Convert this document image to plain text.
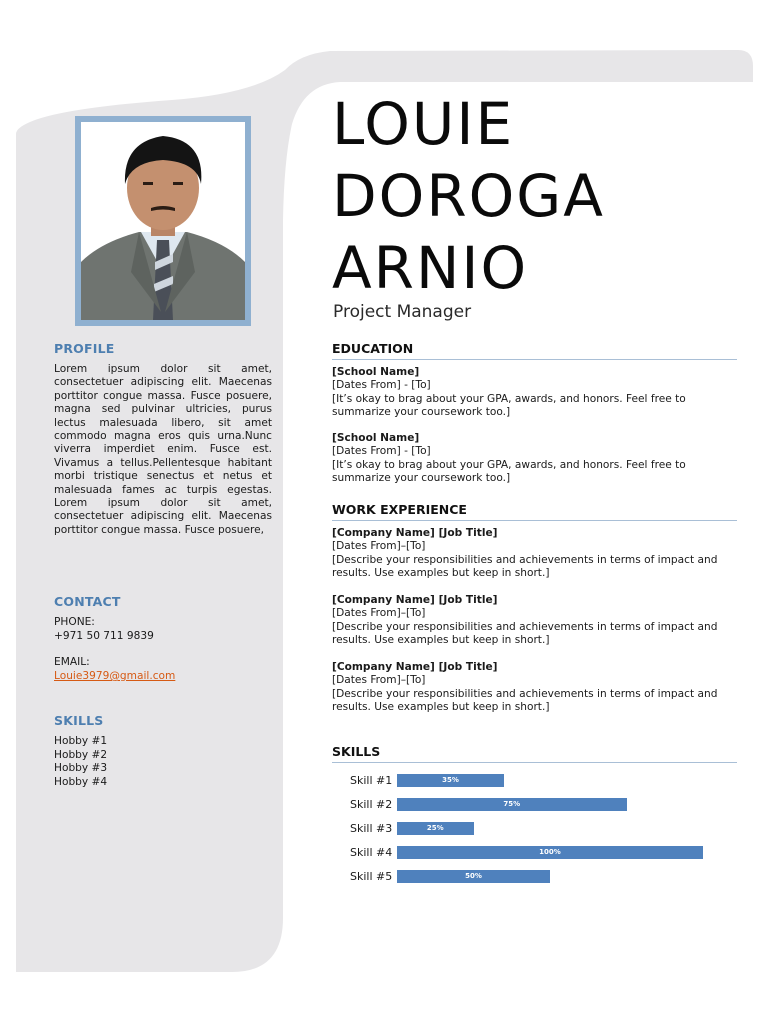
PROFILE

Lorem ipsum dolor sit amet, consectetuer adipiscing elit. Maecenas porttitor congue massa. Fusce posuere, magna sed pulvinar ultricies, purus lectus malesuada libero, sit amet commodo magna eros quis urna.Nunc viverra imperdiet enim. Fusce est. Vivamus a tellus.Pellentesque habitant morbi tristique senectus et netus et malesuada fames ac turpis egestas. Lorem ipsum dolor sit amet, consectetuer adipiscing elit. Maecenas porttitor congue massa. Fusce posuere,

CONTACT

PHONE:

+971 50 711 9839

EMAIL:

Louie3979@gmail.com

SKILLS
Hobby #1
Hobby #2
Hobby #3
Hobby #4
LOUIE
DOROGA
ARNIO
Project Manager
EDUCATION
[School Name]
[Dates From] - [To]
[It’s okay to brag about your GPA, awards, and honors. Feel free to summarize your coursework too.]
[School Name]
[Dates From] - [To]
[It’s okay to brag about your GPA, awards, and honors. Feel free to summarize your coursework too.]
WORK EXPERIENCE
[Company Name] [Job Title]
[Dates From]–[To]
[Describe your responsibilities and achievements in terms of impact and results. Use examples but keep in short.]
[Company Name] [Job Title]
[Dates From]–[To]
[Describe your responsibilities and achievements in terms of impact and results. Use examples but keep in short.]
[Company Name] [Job Title]
[Dates From]–[To]
[Describe your responsibilities and achievements in terms of impact and results. Use examples but keep in short.]
SKILLS
Skill #1	35%
Skill #2	75%
Skill #3	25%
Skill #4	100%
Skill #5	50%
